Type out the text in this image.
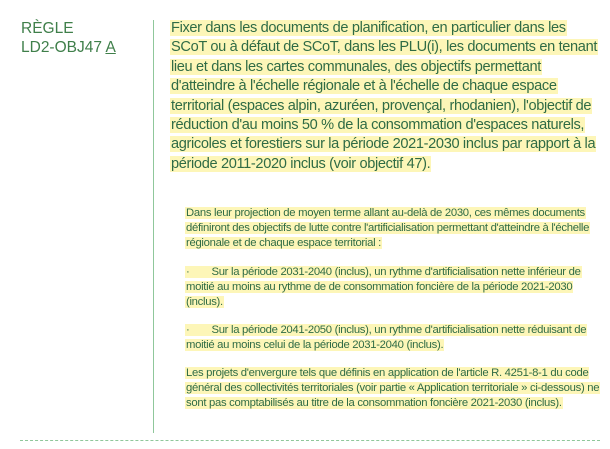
RÈGLE
LD2-OBJ47 A
Fixer dans les documents de planification, en particulier dans les SCoT ou à défaut de SCoT, dans les PLU(i), les documents en tenant lieu et dans les cartes communales, des objectifs permettant d'atteindre à l'échelle régionale et à l'échelle de chaque espace territorial (espaces alpin, azuréen, provençal, rhodanien), l'objectif de réduction d'au moins 50 % de la consommation d'espaces naturels, agricoles et forestiers sur la période 2021-2030 inclus par rapport à la période 2011-2020 inclus (voir objectif 47).
Dans leur projection de moyen terme allant au-delà de 2030, ces mêmes documents définiront des objectifs de lutte contre l'artificialisation permettant d'atteindre à l'échelle régionale et de chaque espace territorial :
· Sur la période 2031-2040 (inclus), un rythme d'artificialisation nette inférieur de moitié au moins au rythme de de consommation foncière de la période 2021-2030 (inclus).
· Sur la période 2041-2050 (inclus), un rythme d'artificialisation nette réduisant de moitié au moins celui de la période 2031-2040 (inclus).
Les projets d'envergure tels que définis en application de l'article R. 4251-8-1 du code général des collectivités territoriales (voir partie « Application territoriale » ci-dessous) ne sont pas comptabilisés au titre de la consommation foncière 2021-2030 (inclus).
